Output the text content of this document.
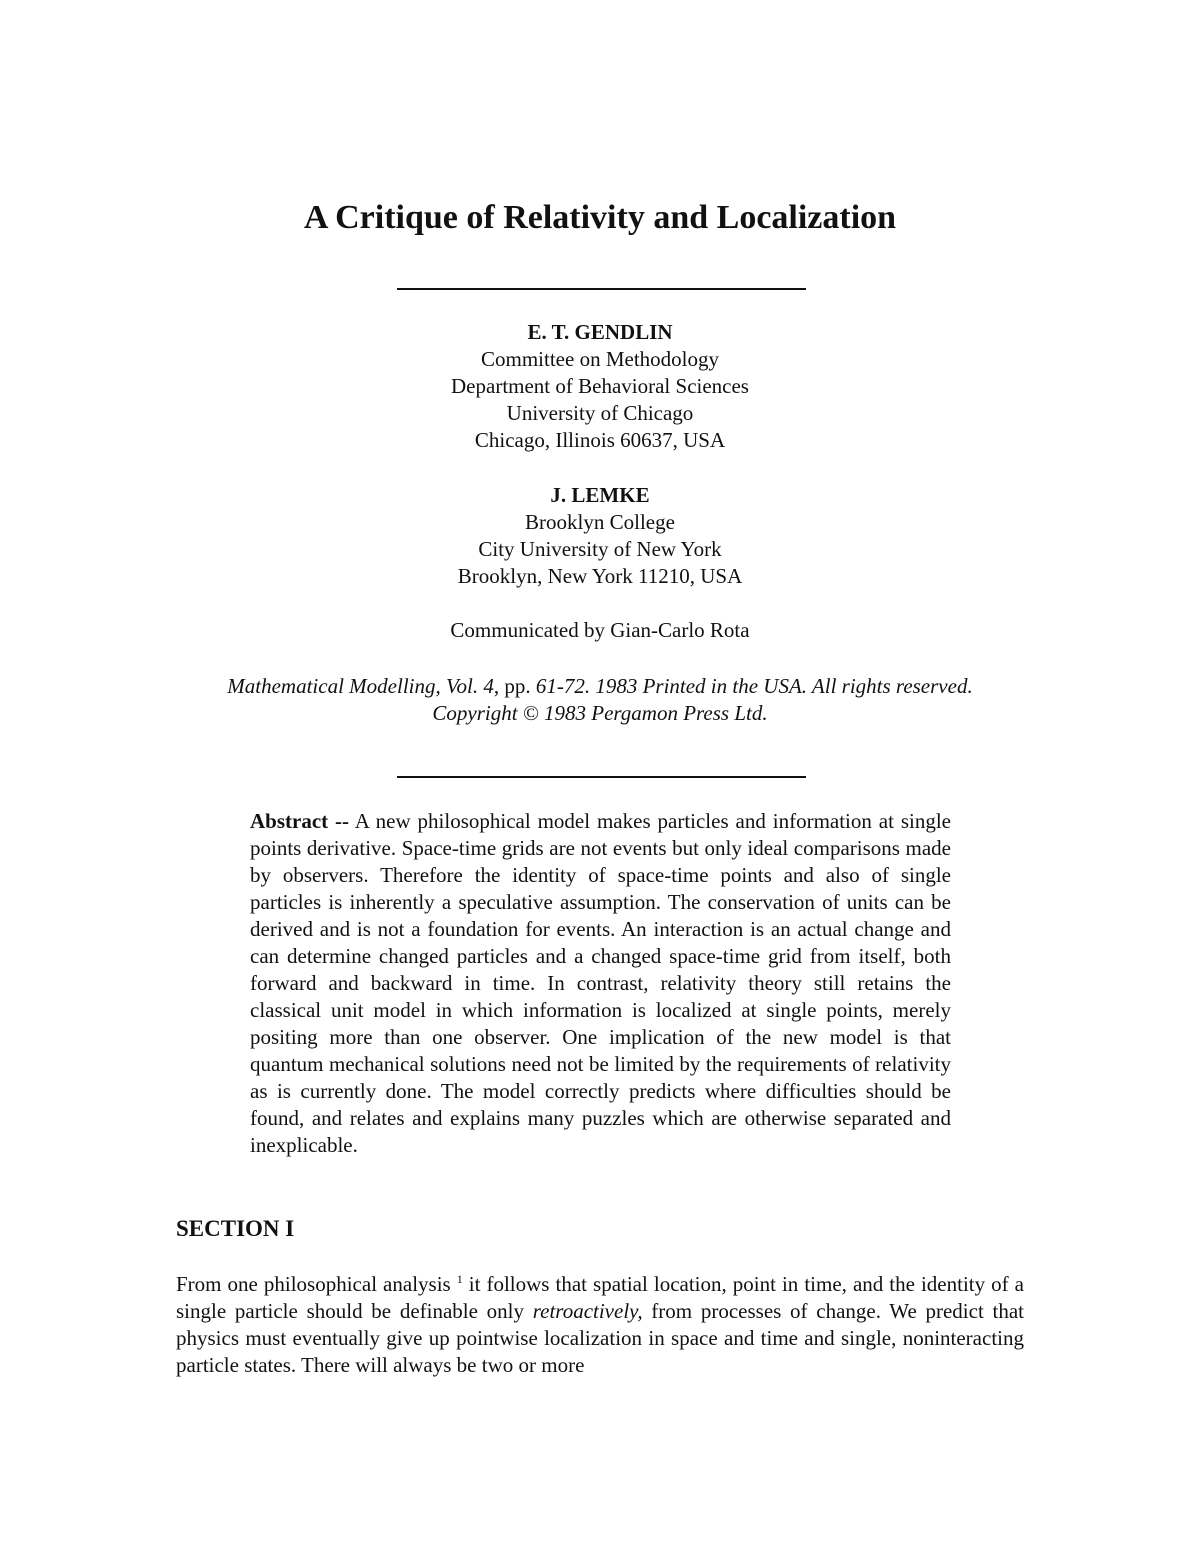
A Critique of Relativity and Localization
E. T. GENDLIN
Committee on Methodology
Department of Behavioral Sciences
University of Chicago
Chicago, Illinois 60637, USA
J. LEMKE
Brooklyn College
City University of New York
Brooklyn, New York 11210, USA
Communicated by Gian-Carlo Rota
Mathematical Modelling, Vol. 4, pp. 61-72. 1983 Printed in the USA. All rights reserved.
Copyright © 1983 Pergamon Press Ltd.
Abstract -- A new philosophical model makes particles and information at single points derivative. Space-time grids are not events but only ideal comparisons made by observers. Therefore the identity of space-time points and also of single particles is inherently a speculative assumption. The conservation of units can be derived and is not a foundation for events. An interaction is an actual change and can determine changed particles and a changed space-time grid from itself, both forward and backward in time. In contrast, relativity theory still retains the classical unit model in which information is localized at single points, merely positing more than one observer. One implication of the new model is that quantum mechanical solutions need not be limited by the requirements of relativity as is currently done. The model correctly predicts where difficulties should be found, and relates and explains many puzzles which are otherwise separated and inexplicable.
SECTION I
From one philosophical analysis $^1$ it follows that spatial location, point in time, and the identity of a single particle should be definable only retroactively, from processes of change. We predict that physics must eventually give up pointwise localization in space and time and single, noninteracting particle states. There will always be two or more
